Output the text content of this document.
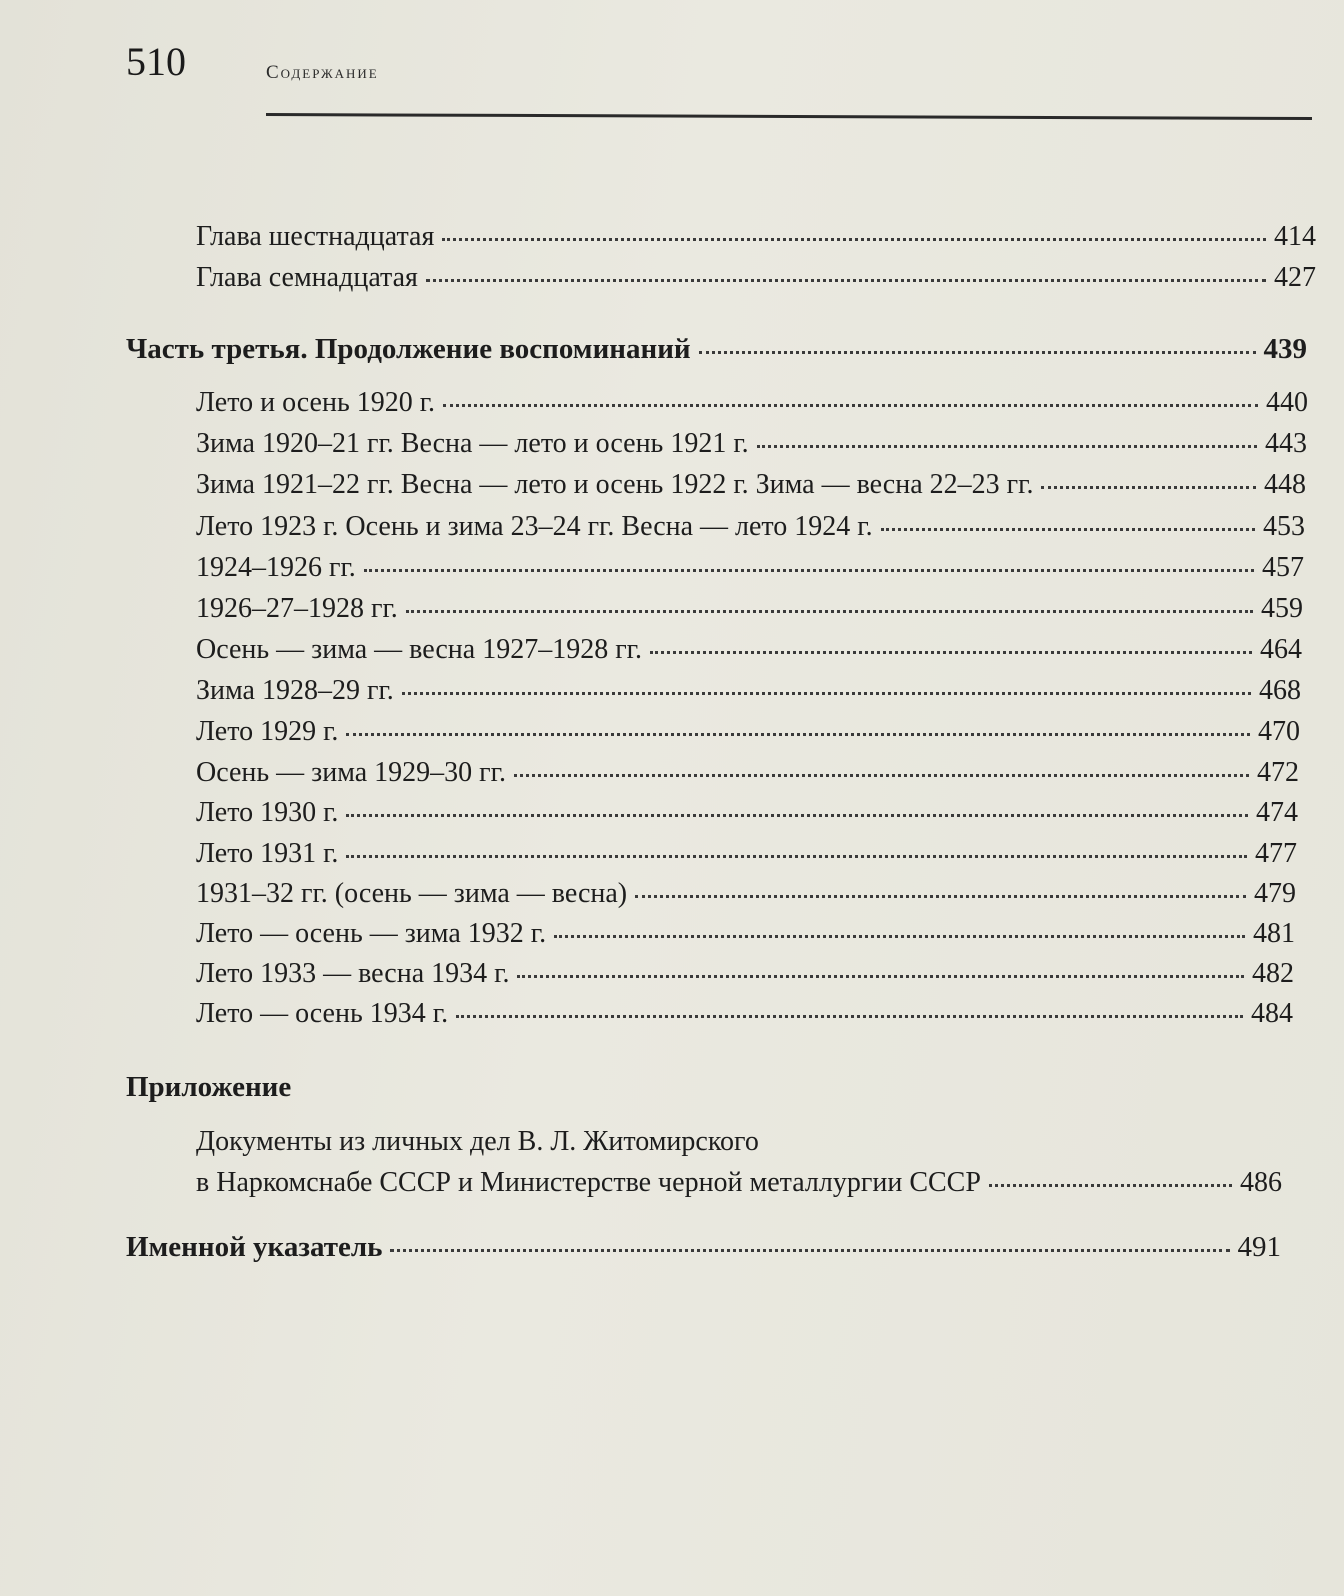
510	Содержание
Глава шестнадцатая	414
Глава семнадцатая	427
Часть третья. Продолжение воспоминаний	439
Лето и осень 1920 г.	440
Зима 1920–21 гг. Весна — лето и осень 1921 г.	443
Зима 1921–22 гг. Весна — лето и осень 1922 г. Зима — весна 22–23 гг.	448
Лето 1923 г. Осень и зима 23–24 гг. Весна — лето 1924 г.	453
1924–1926 гг.	457
1926–27–1928 гг.	459
Осень — зима — весна 1927–1928 гг.	464
Зима 1928–29 гг.	468
Лето 1929 г.	470
Осень — зима 1929–30 гг.	472
Лето 1930 г.	474
Лето 1931 г.	477
1931–32 гг. (осень — зима — весна)	479
Лето — осень — зима 1932 г.	481
Лето 1933 — весна 1934 г.	482
Лето — осень 1934 г.	484
Приложение
Документы из личных дел В. Л. Житомирского
в Наркомснабе СССР и Министерстве черной металлургии СССР	486
Именной указатель	491
